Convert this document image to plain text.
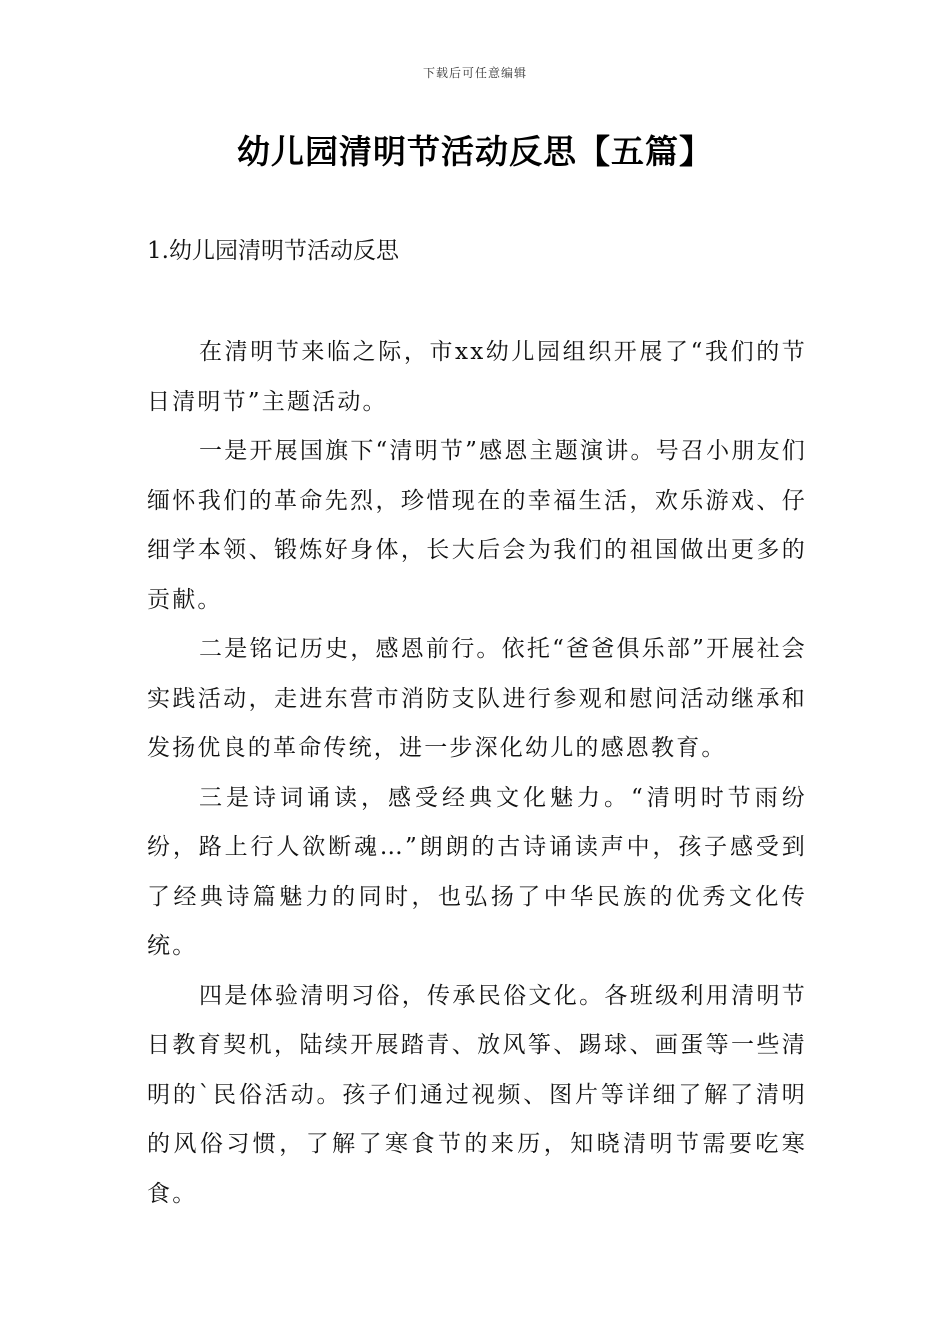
下载后可任意编辑
幼儿园清明节活动反思【五篇】
1.幼儿园清明节活动反思

在清明节来临之际，市xx幼儿园组织开展了“我们的节日清明节”主题活动。

一是开展国旗下“清明节”感恩主题演讲。号召小朋友们缅怀我们的革命先烈，珍惜现在的幸福生活，欢乐游戏、仔细学本领、锻炼好身体，长大后会为我们的祖国做出更多的贡献。

二是铭记历史，感恩前行。依托“爸爸俱乐部”开展社会实践活动，走进东营市消防支队进行参观和慰问活动继承和发扬优良的革命传统，进一步深化幼儿的感恩教育。

三是诗词诵读，感受经典文化魅力。“清明时节雨纷纷，路上行人欲断魂…”朗朗的古诗诵读声中，孩子感受到了经典诗篇魅力的同时，也弘扬了中华民族的优秀文化传统。

四是体验清明习俗，传承民俗文化。各班级利用清明节日教育契机，陆续开展踏青、放风筝、踢球、画蛋等一些清明的`民俗活动。孩子们通过视频、图片等详细了解了清明的风俗习惯，了解了寒食节的来历，知晓清明节需要吃寒食。
